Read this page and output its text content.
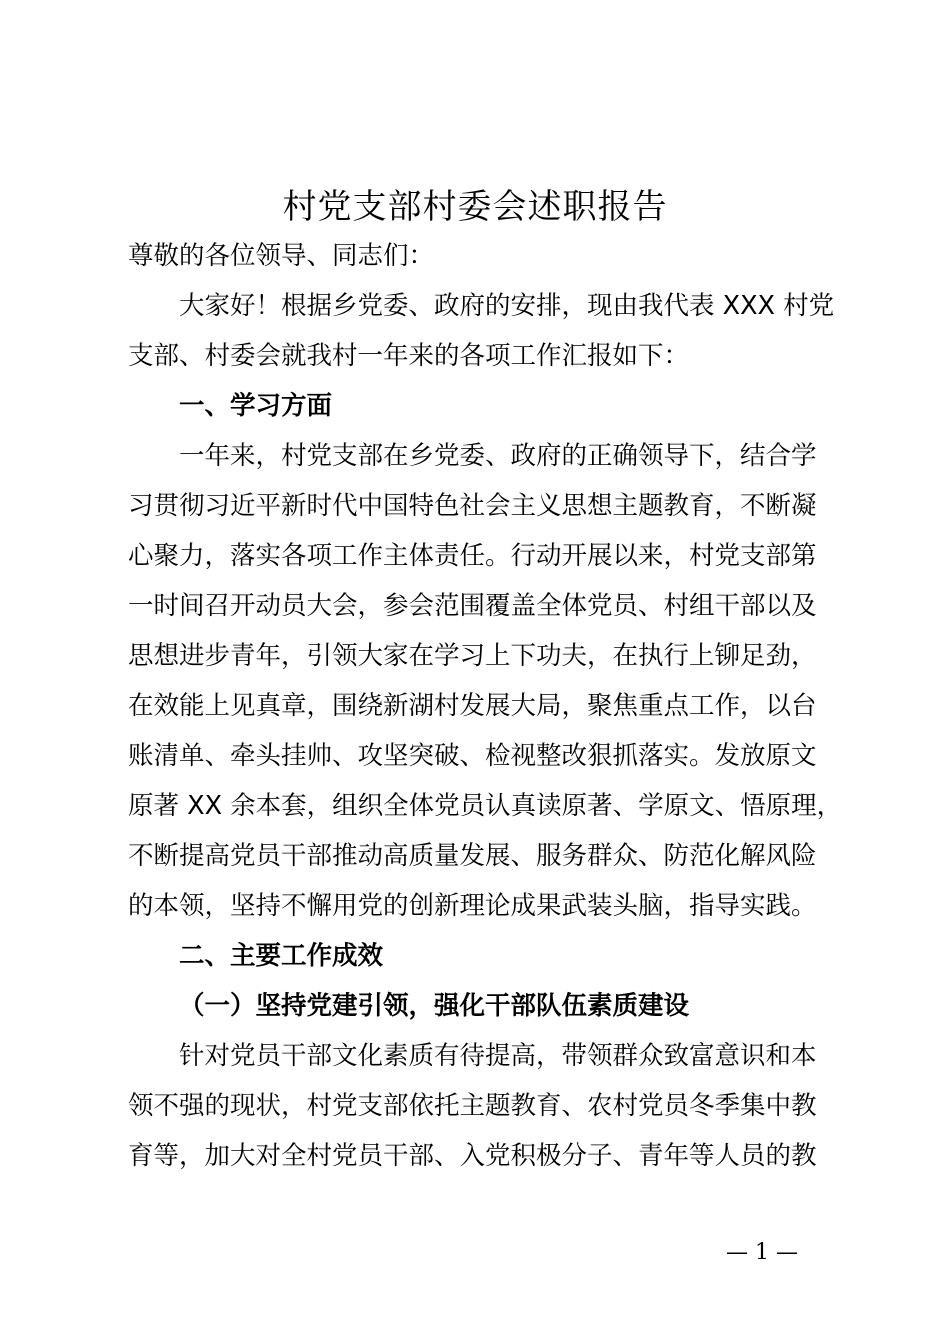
村党支部村委会述职报告
尊敬的各位领导、同志们：
大家好！根据乡党委、政府的安排，现由我代表 XXX 村党
支部、村委会就我村一年来的各项工作汇报如下：
一、学习方面
一年来，村党支部在乡党委、政府的正确领导下，结合学
习贯彻习近平新时代中国特色社会主义思想主题教育，不断凝
心聚力，落实各项工作主体责任。行动开展以来，村党支部第
一时间召开动员大会，参会范围覆盖全体党员、村组干部以及
思想进步青年，引领大家在学习上下功夫，在执行上铆足劲，
在效能上见真章，围绕新湖村发展大局，聚焦重点工作，以台
账清单、牵头挂帅、攻坚突破、检视整改狠抓落实。发放原文
原著 XX 余本套，组织全体党员认真读原著、学原文、悟原理，
不断提高党员干部推动高质量发展、服务群众、防范化解风险
的本领，坚持不懈用党的创新理论成果武装头脑，指导实践。
二、主要工作成效
（一）坚持党建引领，强化干部队伍素质建设
针对党员干部文化素质有待提高，带领群众致富意识和本
领不强的现状，村党支部依托主题教育、农村党员冬季集中教
育等，加大对全村党员干部、入党积极分子、青年等人员的教
— 1 —
